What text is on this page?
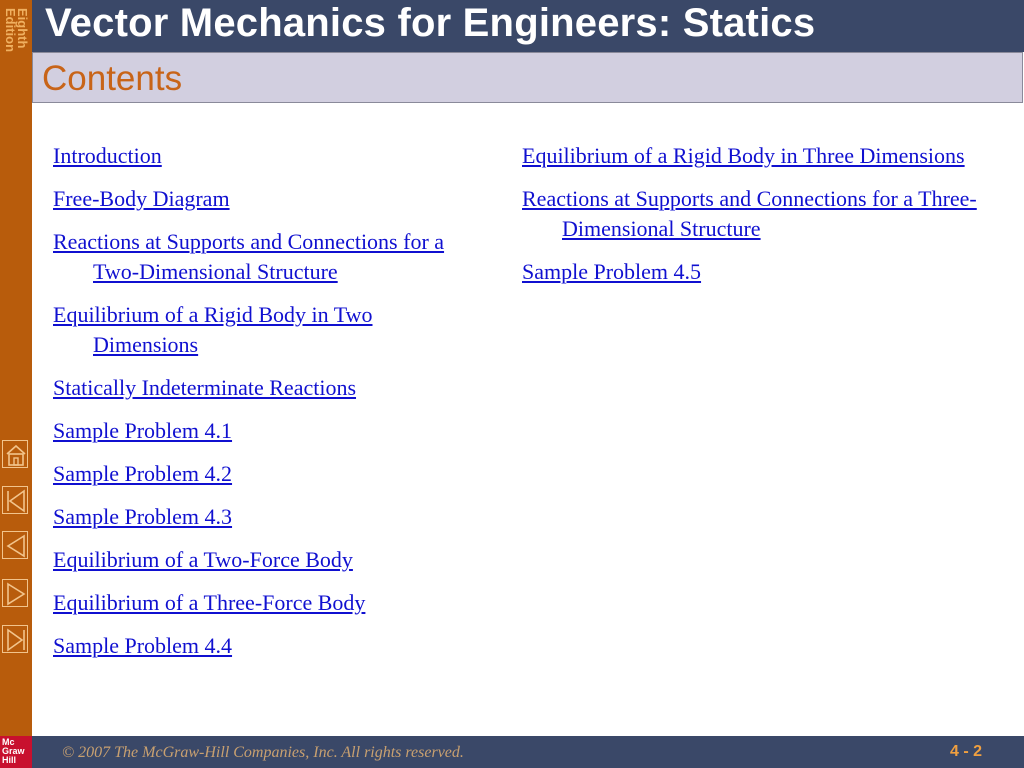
Eighth
Edition
Mc
Graw
Hill
Vector Mechanics for Engineers: Statics
Contents
Introduction
Free-Body Diagram
Reactions at Supports and Connections for a Two-Dimensional Structure
Equilibrium of a Rigid Body in Two Dimensions
Statically Indeterminate Reactions
Sample Problem 4.1
Sample Problem 4.2
Sample Problem 4.3
Equilibrium of a Two-Force Body
Equilibrium of a Three-Force Body
Sample Problem 4.4
Equilibrium of a Rigid Body in Three Dimensions
Reactions at Supports and Connections for a Three-Dimensional Structure
Sample Problem 4.5
© 2007 The McGraw-Hill Companies, Inc. All rights reserved.	4 - 2
